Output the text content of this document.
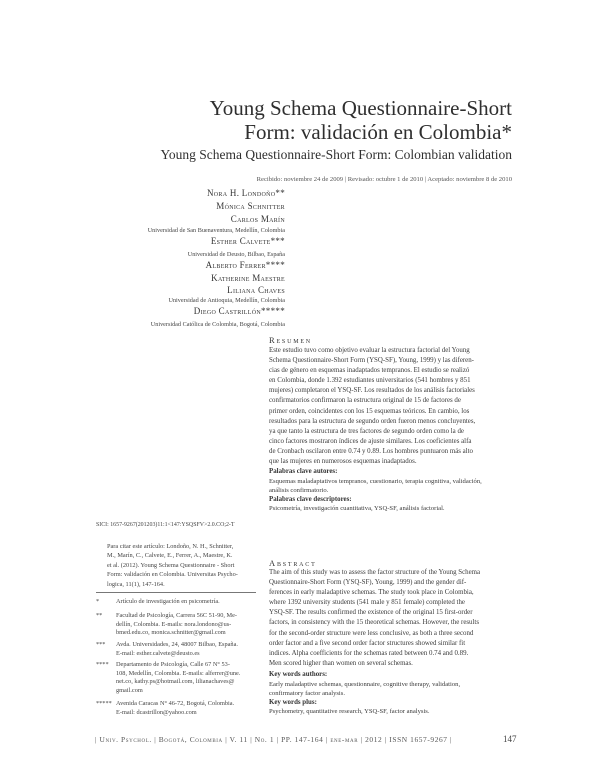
Young Schema Questionnaire-Short
Form: validación en Colombia*
Young Schema Questionnaire-Short Form: Colombian validation
Recibido: noviembre 24 de 2009 | Revisado: octubre 1 de 2010 | Aceptado: noviembre 8 de 2010
Nora H. Londoño**
Mónica Schnitter
Carlos Marín
Universidad de San Buenaventura, Medellín, Colombia
Esther Calvete***
Universidad de Deusto, Bilbao, España
Alberto Ferrer****
Katherine Maestre
Liliana Chaves
Universidad de Antioquia, Medellín, Colombia
Diego Castrillón*****
Universidad Católica de Colombia, Bogotá, Colombia
Resumen
Este estudio tuvo como objetivo evaluar la estructura factorial del Young
Schema Questionnaire-Short Form (YSQ-SF), Young, 1999) y las diferen-
cias de género en esquemas inadaptados tempranos. El estudio se realizó
en Colombia, donde 1.392 estudiantes universitarios (541 hombres y 851
mujeres) completaron el YSQ-SF. Los resultados de los análisis factoriales
confirmatorios confirmaron la estructura original de 15 de factores de
primer orden, coincidentes con los 15 esquemas teóricos. En cambio, los
resultados para la estructura de segundo orden fueron menos concluyentes,
ya que tanto la estructura de tres factores de segundo orden como la de
cinco factores mostraron índices de ajuste similares. Los coeficientes alfa
de Cronbach oscilaron entre 0.74 y 0.89. Los hombres puntuaron más alto
que las mujeres en numerosos esquemas inadaptados.
Palabras clave autores:
Esquemas maladaptativos tempranos, cuestionario, terapia cognitiva, validación,
análisis confirmatorio.
Palabras clave descriptores:
Psicometría, investigación cuantitativa, YSQ-SF, análisis factorial.
SICI: 1657-9267(201203)11:1<147:YSQSFV>2.0.CO;2-T
Para citar este artículo: Londoño, N. H., Schnitter,
M., Marín, C., Calvete, E., Ferrer, A., Maestre, K.
et al. (2012). Young Schema Questionnaire - Short
Form: validación en Colombia. Universitas Psycho-
logica, 11(1), 147-164.
*	Artículo de investigación en psicometría.
** Facultad de Psicología, Carrera 56C 51-90, Me-
dellín, Colombia. E-mails: nora.londono@us-
bmed.edu.co, monica.schnitter@gmail.com
*** Avda. Universidades, 24, 48007 Bilbao, España.
E-mail: esther.calvete@deusto.es
**** Departamento de Psicología, Calle 67 N° 53-
108, Medellín, Colombia. E-mails: alferrer@une.
net.co, kathy.ps@hotmail.com, lilianachaves@
gmail.com
***** Avenida Caracas N° 46-72, Bogotá, Colombia.
E-mail: dcastrillon@yahoo.com
Abstract
The aim of this study was to assess the factor structure of the Young Schema
Questionnaire-Short Form (YSQ-SF), Young, 1999) and the gender dif-
ferences in early maladaptive schemas. The study took place in Colombia,
where 1392 university students (541 male y 851 female) completed the
YSQ-SF. The results confirmed the existence of the original 15 first-order
factors, in consistency with the 15 theoretical schemas. However, the results
for the second-order structure were less conclusive, as both a three second
order factor and a five second order factor structures showed similar fit
indices. Alpha coefficients for the schemas rated between 0.74 and 0.89.
Men scored higher than women on several schemas.
Key words authors:
Early maladaptive schemas, questionnaire, cognitive therapy, validation,
confirmatory factor analysis.
Key words plus:
Psychometry, quantitative research, YSQ-SF, factor analysis.
| Univ. Psychol. | Bogotá, Colombia | V. 11 | No. 1 | PP. 147-164 | ene-mar | 2012 | ISSN 1657-9267 |	147
